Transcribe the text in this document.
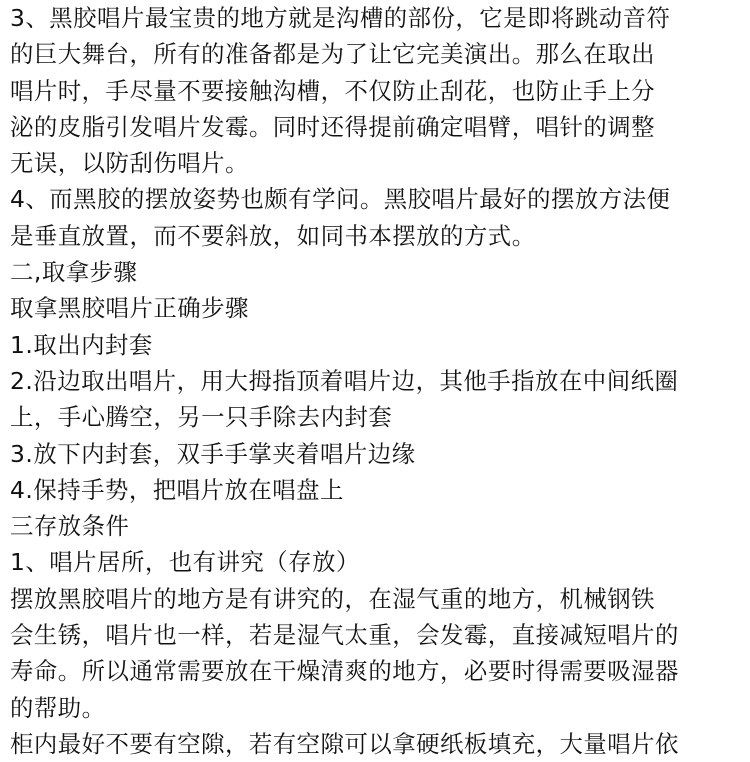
3、黑胶唱片最宝贵的地方就是沟槽的部份，它是即将跳动音符
的巨大舞台，所有的准备都是为了让它完美演出。那么在取出
唱片时，手尽量不要接触沟槽，不仅防止刮花，也防止手上分
泌的皮脂引发唱片发霉。同时还得提前确定唱臂，唱针的调整
无误，以防刮伤唱片。
4、而黑胶的摆放姿势也颇有学问。黑胶唱片最好的摆放方法便
是垂直放置，而不要斜放，如同书本摆放的方式。
二,取拿步骤
取拿黑胶唱片正确步骤
1.取出内封套
2.沿边取出唱片，用大拇指顶着唱片边，其他手指放在中间纸圈
上，手心腾空，另一只手除去内封套
3.放下内封套，双手手掌夹着唱片边缘
4.保持手势，把唱片放在唱盘上
三存放条件
1、唱片居所，也有讲究（存放）
摆放黑胶唱片的地方是有讲究的，在湿气重的地方，机械钢铁
会生锈，唱片也一样，若是湿气太重，会发霉，直接减短唱片的
寿命。所以通常需要放在干燥清爽的地方，必要时得需要吸湿器
的帮助。
柜内最好不要有空隙，若有空隙可以拿硬纸板填充，大量唱片依
